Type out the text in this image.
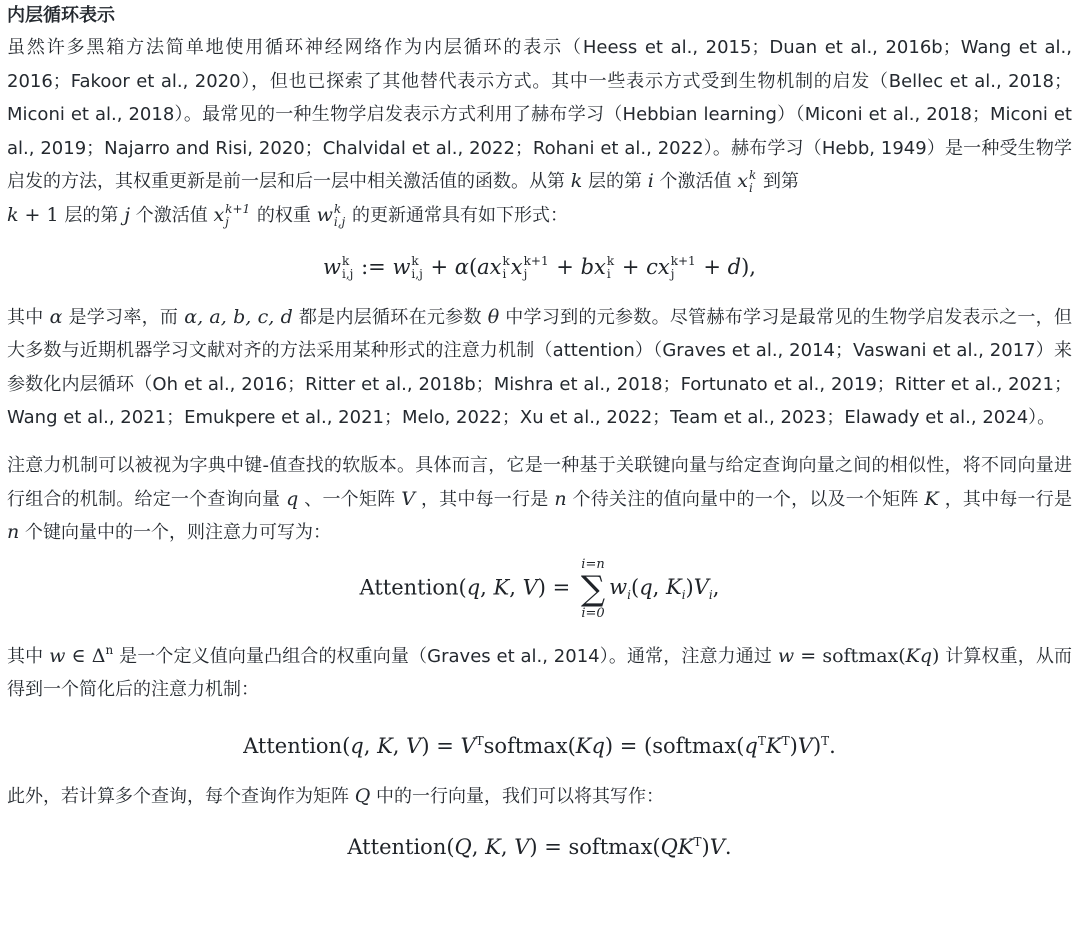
内层循环表示
虽然许多黑箱方法简单地使用循环神经网络作为内层循环的表示（Heess et al., 2015；Duan et al., 2016b；Wang et al., 2016；Fakoor et al., 2020），但也已探索了其他替代表示方式。其中一些表示方式受到生物机制的启发（Bellec et al., 2018；Miconi et al., 2018）。最常见的一种生物学启发表示方式利用了赫布学习（Hebbian learning）（Miconi et al., 2018；Miconi et al., 2019；Najarro and Risi, 2020；Chalvidal et al., 2022；Rohani et al., 2022）。赫布学习（Hebb, 1949）是一种受生物学启发的方法，其权重更新是前一层和后一层中相关激活值的函数。从第 k 层的第 i 个激活值 x k
i 到第
k + 1 层的第 j 个激活值 x k+1
j	的权重 w k
i,j 的更新通常具有如下形式：
w k
i,j := w k
i,j + α(ax k
i x k+1
j	+ bx k
i + cx k+1
j	+ d),
其中 α 是学习率，而 α, a, b, c, d 都是内层循环在元参数 θ 中学习到的元参数。尽管赫布学习是最常见的生物学启发表示之一，但大多数与近期机器学习文献对齐的方法采用某种形式的注意力机制（attention）（Graves et al., 2014；Vaswani et al., 2017）来参数化内层循环（Oh et al., 2016；Ritter et al., 2018b；Mishra et al., 2018；Fortunato et al., 2019；Ritter et al., 2021；Wang et al., 2021；Emukpere et al., 2021；Melo, 2022；Xu et al., 2022；Team et al., 2023；Elawady et al., 2024）。
注意力机制可以被视为字典中键-值查找的软版本。具体而言，它是一种基于关联键向量与给定查询向量之间的相似性，将不同向量进行组合的机制。给定一个查询向量 q 、一个矩阵 V ，其中每一行是 n 个待关注的值向量中的一个，以及一个矩阵 K ，其中每一行是 n 个键向量中的一个，则注意力可写为：
Attention(q, K, V) =
i=n
∑
i=0
$w_i(q$, $K_i)V_i$,
其中 w ∈ $\Delta^n$ 是一个定义值向量凸组合的权重向量（Graves et al., 2014）。通常，注意力通过 w = softmax(Kq) 计算权重，从而得到一个简化后的注意力机制：
Attention(q, K, $V) = V^Tsoftmax(Kq)$ = $(softmax(q^TK^T)V)^T$.
此外，若计算多个查询，每个查询作为矩阵 Q 中的一行向量，我们可以将其写作：
Attention(Q, K, $V) = softmax(QK^T)V$.
